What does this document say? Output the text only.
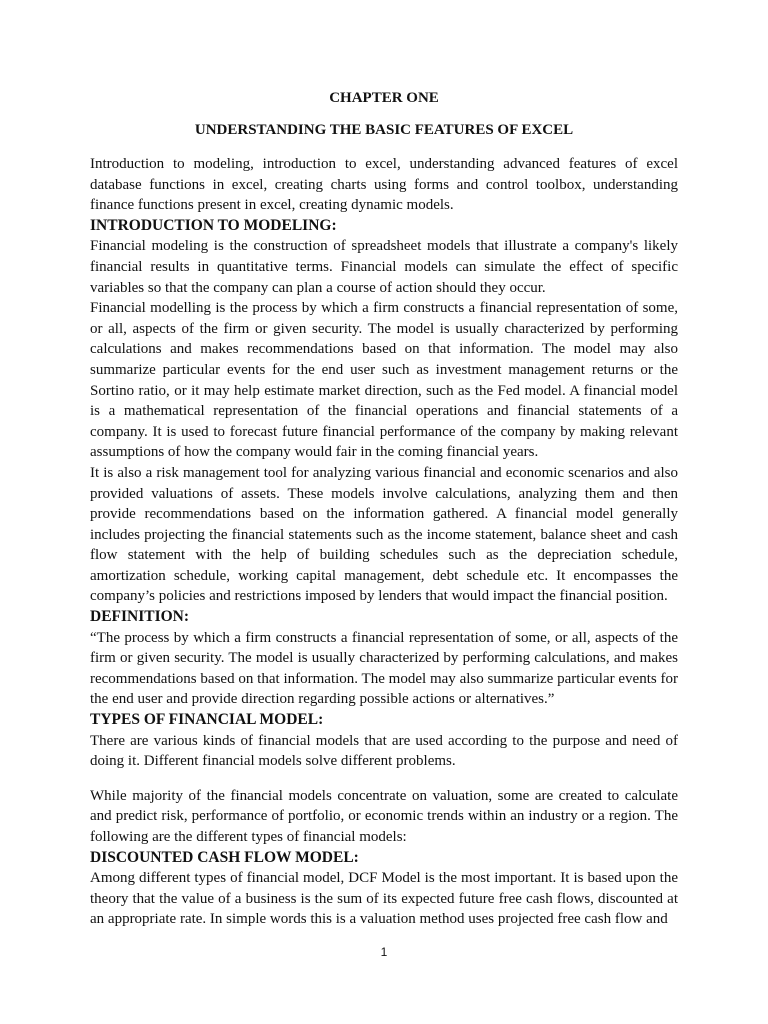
CHAPTER ONE
UNDERSTANDING THE BASIC FEATURES OF EXCEL

Introduction to modeling, introduction to excel, understanding advanced features of excel database functions in excel, creating charts using forms and control toolbox, understanding finance functions present in excel, creating dynamic models.

INTRODUCTION TO MODELING:

Financial modeling is the construction of spreadsheet models that illustrate a company's likely financial results in quantitative terms. Financial models can simulate the effect of specific variables so that the company can plan a course of action should they occur.

Financial modelling is the process by which a firm constructs a financial representation of some, or all, aspects of the firm or given security. The model is usually characterized by performing calculations and makes recommendations based on that information. The model may also summarize particular events for the end user such as investment management returns or the Sortino ratio, or it may help estimate market direction, such as the Fed model. A financial model is a mathematical representation of the financial operations and financial statements of a company. It is used to forecast future financial performance of the company by making relevant assumptions of how the company would fair in the coming financial years.

It is also a risk management tool for analyzing various financial and economic scenarios and also provided valuations of assets. These models involve calculations, analyzing them and then provide recommendations based on the information gathered. A financial model generally includes projecting the financial statements such as the income statement, balance sheet and cash flow statement with the help of building schedules such as the depreciation schedule, amortization schedule, working capital management, debt schedule etc. It encompasses the company’s policies and restrictions imposed by lenders that would impact the financial position.

DEFINITION:

“The process by which a firm constructs a financial representation of some, or all, aspects of the firm or given security. The model is usually characterized by performing calculations, and makes recommendations based on that information. The model may also summarize particular events for the end user and provide direction regarding possible actions or alternatives.”

TYPES OF FINANCIAL MODEL:

There are various kinds of financial models that are used according to the purpose and need of doing it. Different financial models solve different problems.

While majority of the financial models concentrate on valuation, some are created to calculate and predict risk, performance of portfolio, or economic trends within an industry or a region. The following are the different types of financial models:

DISCOUNTED CASH FLOW MODEL:

Among different types of financial model, DCF Model is the most important. It is based upon the theory that the value of a business is the sum of its expected future free cash flows, discounted at an appropriate rate. In simple words this is a valuation method uses projected free cash flow and

1
